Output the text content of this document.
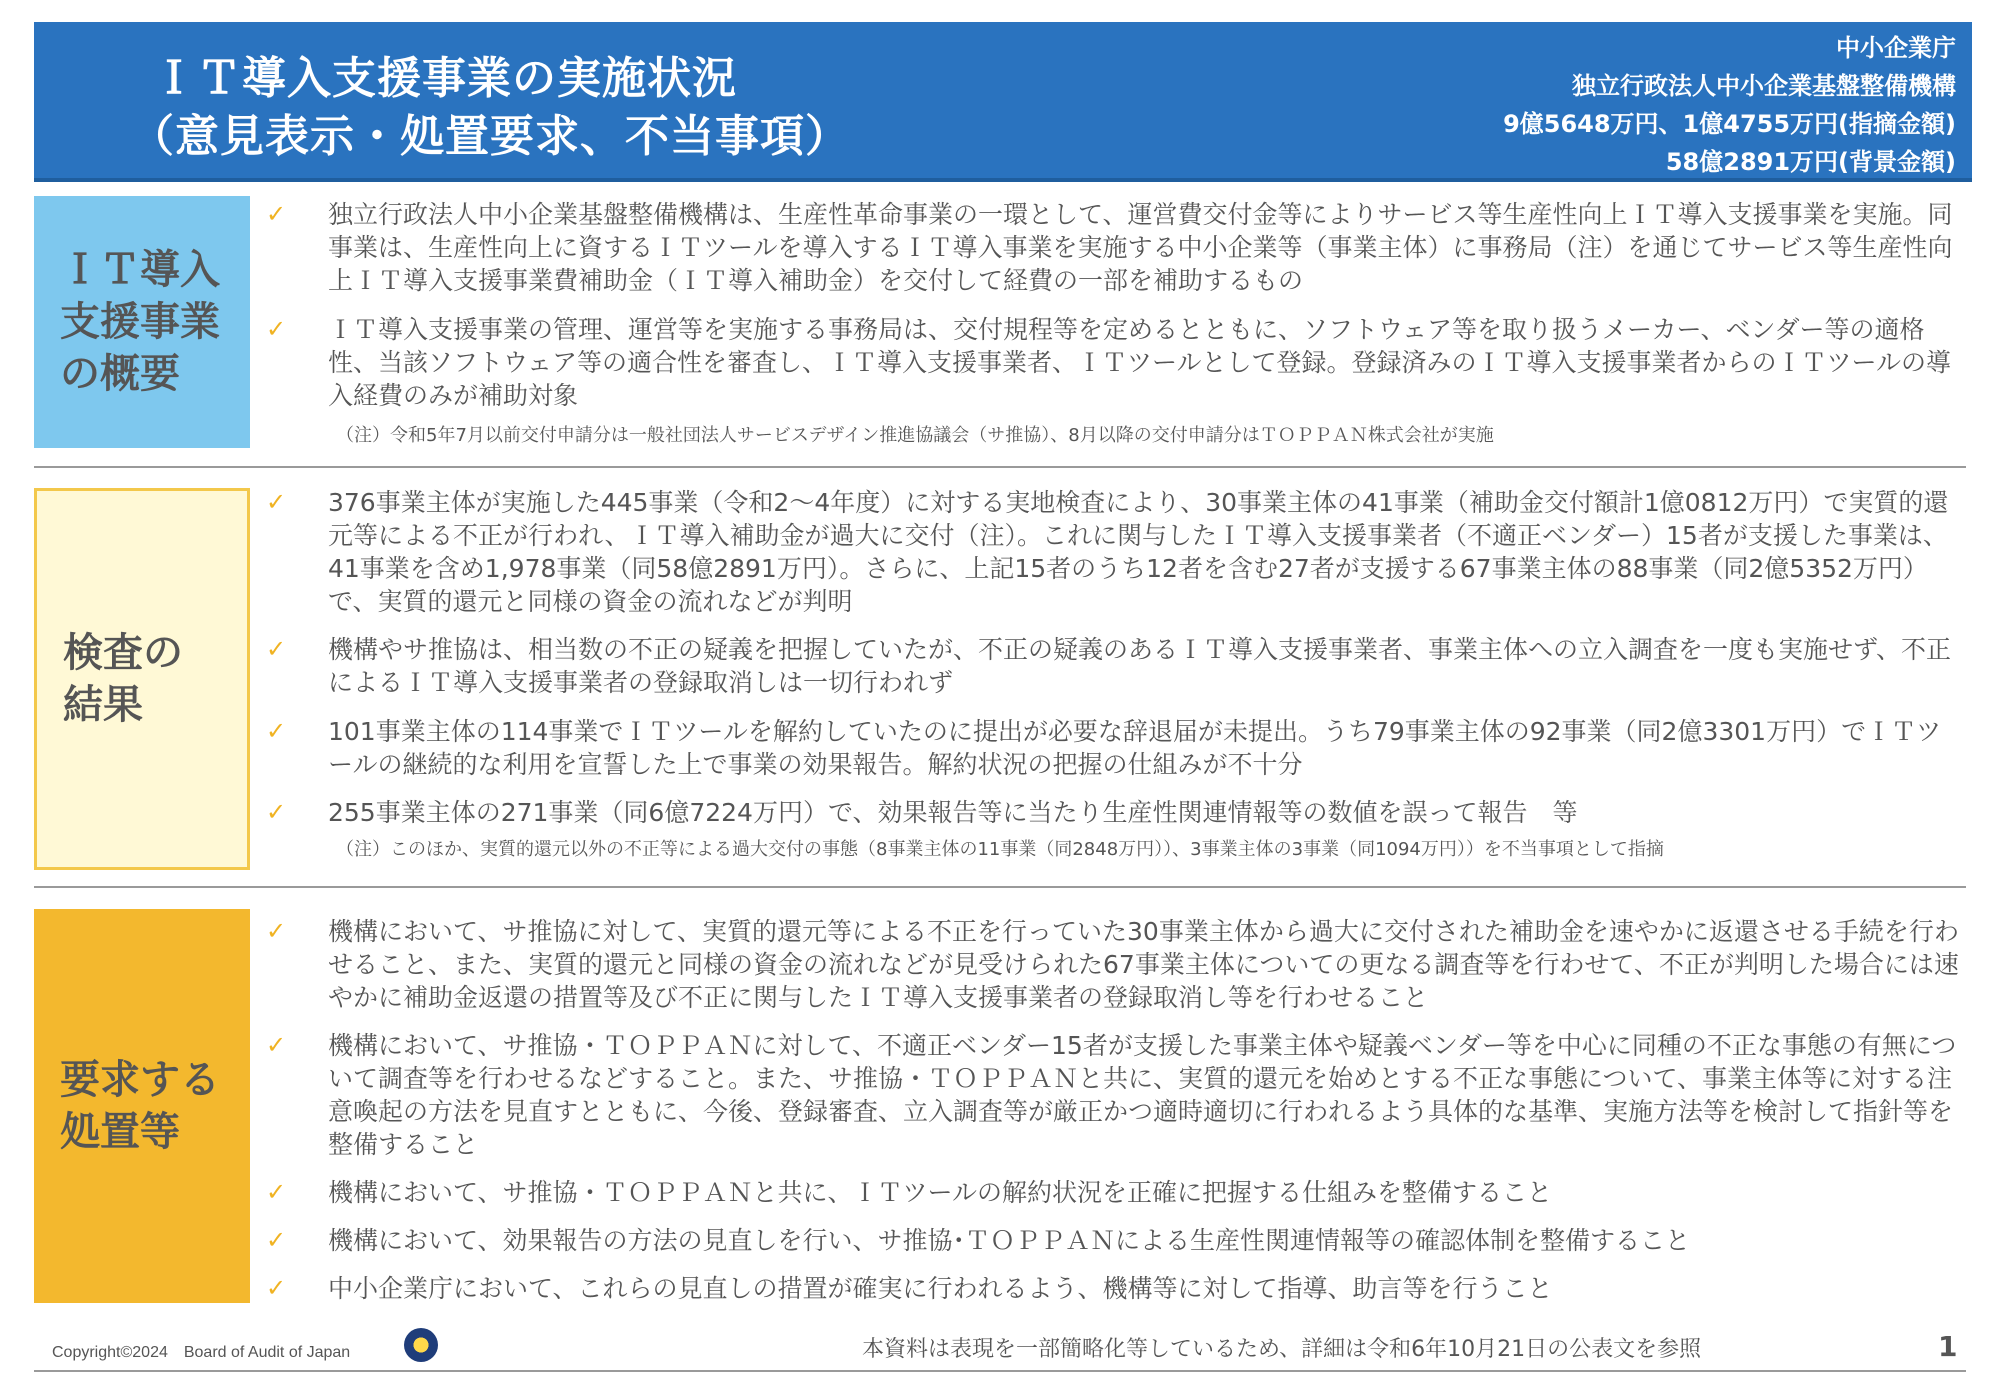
ＩＴ導入支援事業の実施状況
（意見表示・処置要求、不当事項）
中小企業庁
独立行政法人中小企業基盤整備機構
9億5648万円、1億4755万円(指摘金額)
58億2891万円(背景金額)
ＩＴ導入
支援事業
の概要
✓ 独立行政法人中小企業基盤整備機構は、生産性革命事業の一環として、運営費交付金等によりサービス等生産性向上ＩＴ導入支援事業を実施。同事業は、生産性向上に資するＩＴツールを導入するＩＴ導入事業を実施する中小企業等（事業主体）に事務局（注）を通じてサービス等生産性向上ＩＴ導入支援事業費補助金（ＩＴ導入補助金）を交付して経費の一部を補助するもの
✓ ＩＴ導入支援事業の管理、運営等を実施する事務局は、交付規程等を定めるとともに、ソフトウェア等を取り扱うメーカー、ベンダー等の適格性、当該ソフトウェア等の適合性を審査し、ＩＴ導入支援事業者、ＩＴツールとして登録。登録済みのＩＴ導入支援事業者からのＩＴツールの導入経費のみが補助対象
（注）令和5年7月以前交付申請分は一般社団法人サービスデザイン推進協議会（サ推協）、8月以降の交付申請分はＴＯＰＰＡＮ株式会社が実施
検査の
結果
✓ 376事業主体が実施した445事業（令和2～4年度）に対する実地検査により、30事業主体の41事業（補助金交付額計1億0812万円）で実質的還元等による不正が行われ、ＩＴ導入補助金が過大に交付（注）。これに関与したＩＴ導入支援事業者（不適正ベンダー）15者が支援した事業は、41事業を含め1,978事業（同58億2891万円）。さらに、上記15者のうち12者を含む27者が支援する67事業主体の88事業（同2億5352万円）で、実質的還元と同様の資金の流れなどが判明
✓ 機構やサ推協は、相当数の不正の疑義を把握していたが、不正の疑義のあるＩＴ導入支援事業者、事業主体への立入調査を一度も実施せず、不正によるＩＴ導入支援事業者の登録取消しは一切行われず
✓ 101事業主体の114事業でＩＴツールを解約していたのに提出が必要な辞退届が未提出。うち79事業主体の92事業（同2億3301万円）でＩＴツールの継続的な利用を宣誓した上で事業の効果報告。解約状況の把握の仕組みが不十分
✓ 255事業主体の271事業（同6億7224万円）で、効果報告等に当たり生産性関連情報等の数値を誤って報告　等
（注）このほか、実質的還元以外の不正等による過大交付の事態（8事業主体の11事業（同2848万円））、3事業主体の3事業（同1094万円））を不当事項として指摘
要求する
処置等
✓ 機構において、サ推協に対して、実質的還元等による不正を行っていた30事業主体から過大に交付された補助金を速やかに返還させる手続を行わせること、また、実質的還元と同様の資金の流れなどが見受けられた67事業主体についての更なる調査等を行わせて、不正が判明した場合には速やかに補助金返還の措置等及び不正に関与したＩＴ導入支援事業者の登録取消し等を行わせること
✓ 機構において、サ推協・ＴＯＰＰＡＮに対して、不適正ベンダー15者が支援した事業主体や疑義ベンダー等を中心に同種の不正な事態の有無について調査等を行わせるなどすること。また、サ推協・ＴＯＰＰＡＮと共に、実質的還元を始めとする不正な事態について、事業主体等に対する注意喚起の方法を見直すとともに、今後、登録審査、立入調査等が厳正かつ適時適切に行われるよう具体的な基準、実施方法等を検討して指針等を整備すること
✓ 機構において、サ推協・ＴＯＰＰＡＮと共に、ＩＴツールの解約状況を正確に把握する仕組みを整備すること
✓ 機構において、効果報告の方法の見直しを行い、サ推協･ＴＯＰＰＡＮによる生産性関連情報等の確認体制を整備すること
✓ 中小企業庁において、これらの見直しの措置が確実に行われるよう、機構等に対して指導、助言等を行うこと
Copyright©2024　Board of Audit of Japan	本資料は表現を一部簡略化等しているため、詳細は令和6年10月21日の公表文を参照	1
